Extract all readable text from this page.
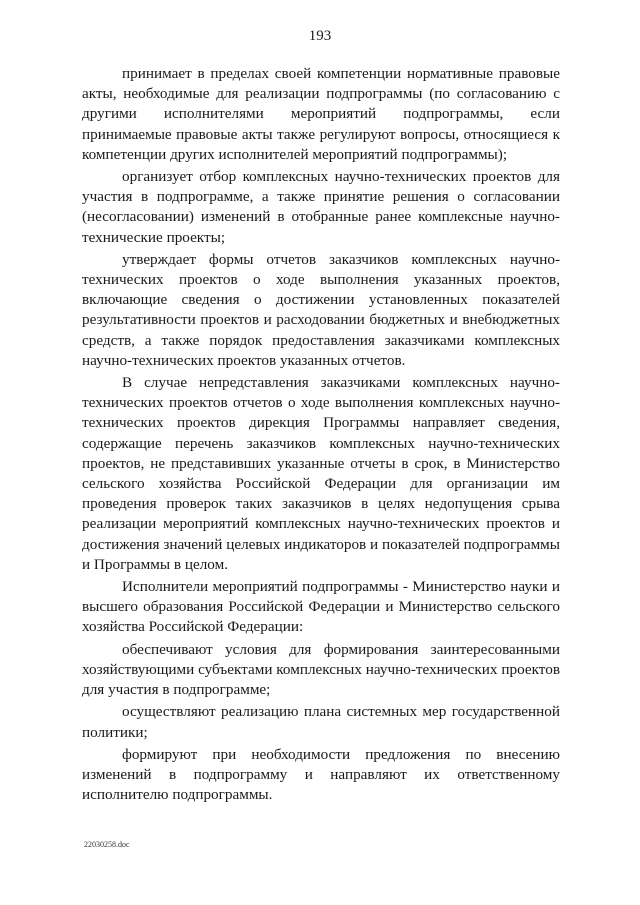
193

принимает в пределах своей компетенции нормативные правовые акты, необходимые для реализации подпрограммы (по согласованию с другими исполнителями мероприятий подпрограммы, если принимаемые правовые акты также регулируют вопросы, относящиеся к компетенции других исполнителей мероприятий подпрограммы);

организует отбор комплексных научно-технических проектов для участия в подпрограмме, а также принятие решения о согласовании (несогласовании) изменений в отобранные ранее комплексные научно-технические проекты;

утверждает формы отчетов заказчиков комплексных научно-технических проектов о ходе выполнения указанных проектов, включающие сведения о достижении установленных показателей результативности проектов и расходовании бюджетных и внебюджетных средств, а также порядок предоставления заказчиками комплексных научно-технических проектов указанных отчетов.

В случае непредставления заказчиками комплексных научно-технических проектов отчетов о ходе выполнения комплексных научно-технических проектов дирекция Программы направляет сведения, содержащие перечень заказчиков комплексных научно-технических проектов, не представивших указанные отчеты в срок, в Министерство сельского хозяйства Российской Федерации для организации им проведения проверок таких заказчиков в целях недопущения срыва реализации мероприятий комплексных научно-технических проектов и достижения значений целевых индикаторов и показателей подпрограммы и Программы в целом.

Исполнители мероприятий подпрограммы - Министерство науки и высшего образования Российской Федерации и Министерство сельского хозяйства Российской Федерации:

обеспечивают условия для формирования заинтересованными хозяйствующими субъектами комплексных научно-технических проектов для участия в подпрограмме;

осуществляют реализацию плана системных мер государственной политики;

формируют при необходимости предложения по внесению изменений в подпрограмму и направляют их ответственному исполнителю подпрограммы.

22030258.doc
